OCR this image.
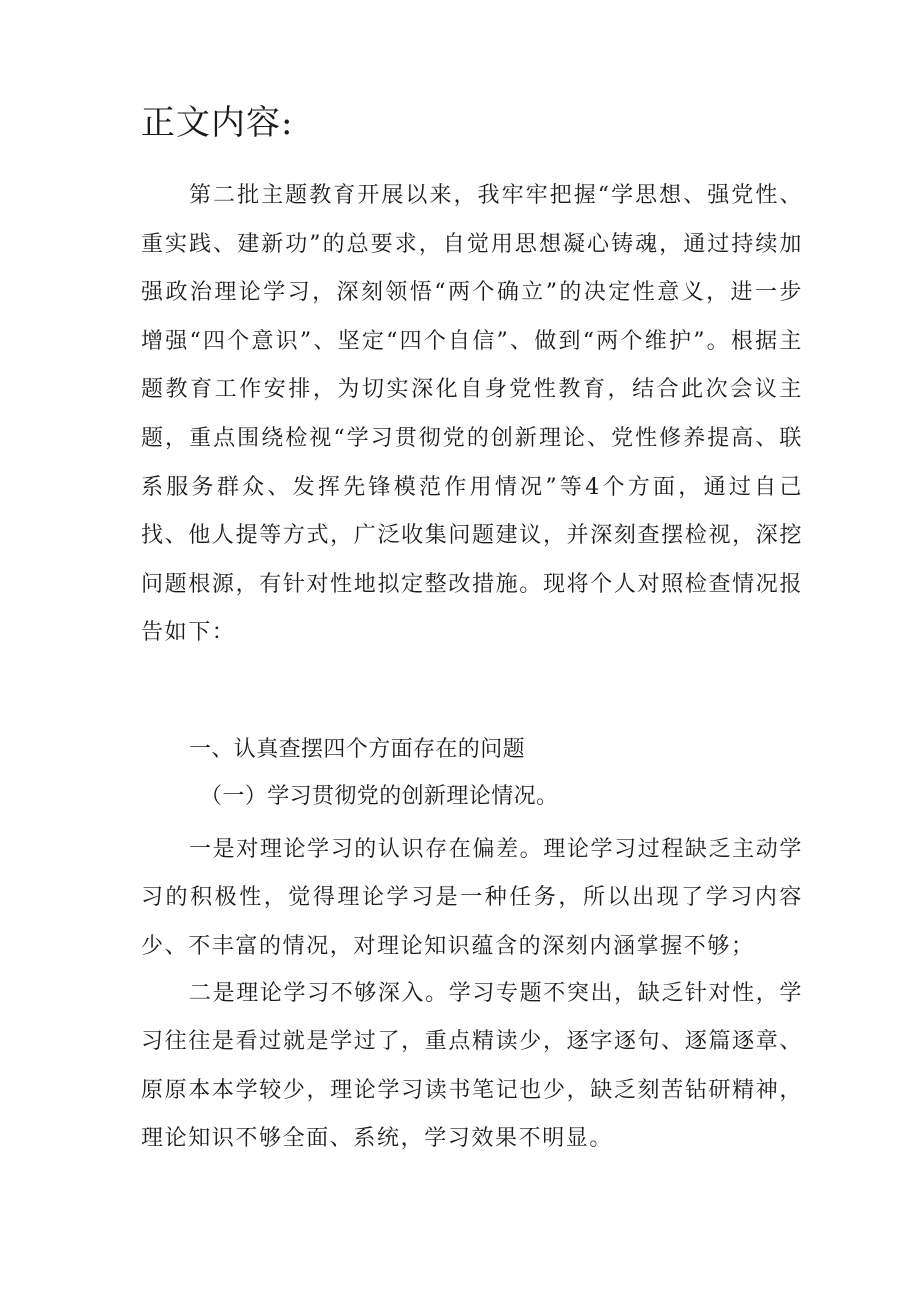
正文内容:

第二批主题教育开展以来，我牢牢把握“学思想、强党性、重实践、建新功”的总要求，自觉用思想凝心铸魂，通过持续加强政治理论学习，深刻领悟“两个确立”的决定性意义，进一步增强“四个意识”、坚定“四个自信”、做到“两个维护”。根据主题教育工作安排，为切实深化自身党性教育，结合此次会议主题，重点围绕检视“学习贯彻党的创新理论、党性修养提高、联系服务群众、发挥先锋模范作用情况”等4个方面，通过自己找、他人提等方式，广泛收集问题建议，并深刻查摆检视，深挖问题根源，有针对性地拟定整改措施。现将个人对照检查情况报告如下：

一、认真查摆四个方面存在的问题
（一）学习贯彻党的创新理论情况。

一是对理论学习的认识存在偏差。理论学习过程缺乏主动学习的积极性，觉得理论学习是一种任务，所以出现了学习内容少、不丰富的情况，对理论知识蕴含的深刻内涵掌握不够；

二是理论学习不够深入。学习专题不突出，缺乏针对性，学习往往是看过就是学过了，重点精读少，逐字逐句、逐篇逐章、原原本本学较少，理论学习读书笔记也少，缺乏刻苦钻研精神，理论知识不够全面、系统，学习效果不明显。
